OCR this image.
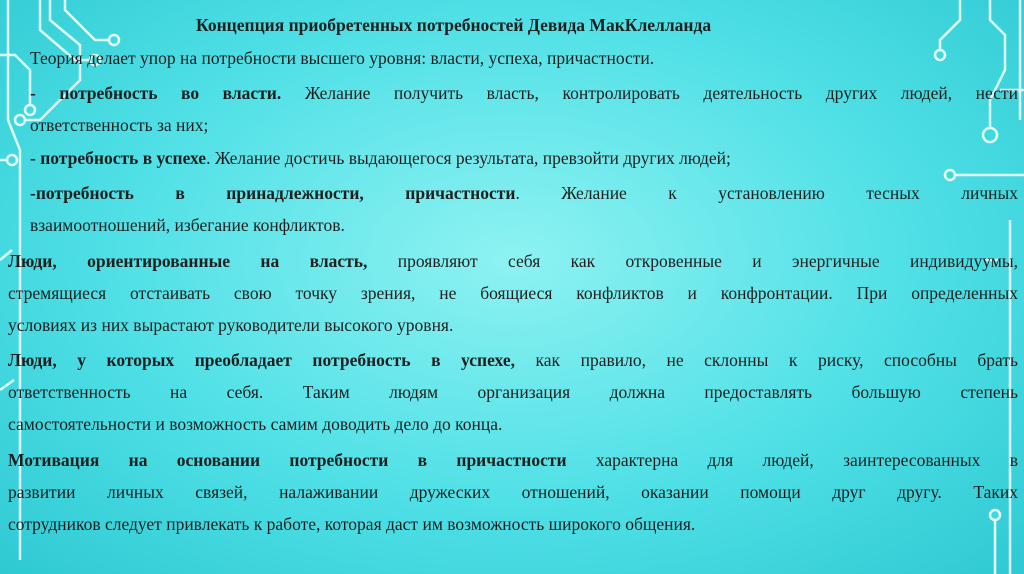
Концепция приобретенных потребностей Девида МакКлелланда
Теория делает упор на потребности высшего уровня: власти, успеха, причастности.
- потребность во власти. Желание получить власть, контролировать деятельность других людей, нести
ответственность за них;
- потребность в успехе. Желание достичь выдающегося результата, превзойти других людей;
-потребность в принадлежности, причастности. Желание к установлению тесных личных
взаимоотношений, избегание конфликтов.
Люди, ориентированные на власть, проявляют себя как откровенные и энергичные индивидуумы,
стремящиеся отстаивать свою точку зрения, не боящиеся конфликтов и конфронтации. При определенных
условиях из них вырастают руководители высокого уровня.
Люди, у которых преобладает потребность в успехе, как правило, не склонны к риску, способны брать
ответственность на себя. Таким людям организация должна предоставлять большую степень
самостоятельности и возможность самим доводить дело до конца.
Мотивация на основании потребности в причастности характерна для людей, заинтересованных в
развитии личных связей, налаживании дружеских отношений, оказании помощи друг другу. Таких
сотрудников следует привлекать к работе, которая даст им возможность широкого общения.
